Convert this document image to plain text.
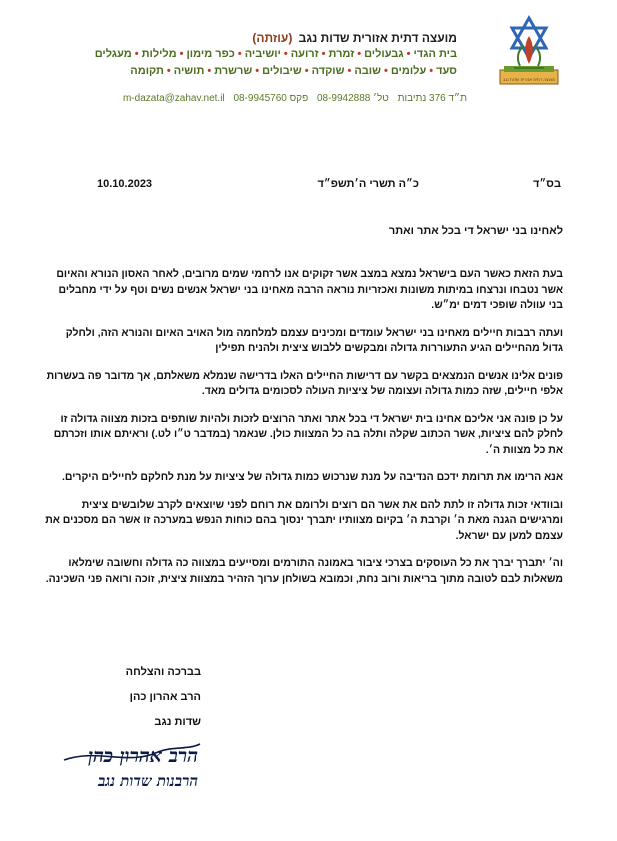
מועצה דתית אזורית שדות נגב
מועצה דתית אזורית שדות נגב (עוזתה)
בית הגדי•גבעולים•זמרת•זרועה•יושיביה•כפר מימון•מלילות•מעגלים
סעד•עלומים•שובה•שוקדה•שיבולים•שרשרת•תושיה•תקומה
ת״ד 376 נתיבות טל׳ 08-9942888 פקס 08-9945760 m-dazata@zahav.net.il
בס״ד
כ״ה תשרי ה׳תשפ״ד
10.10.2023
לאחינו בני ישראל די בכל אתר ואתר

בעת הזאת כאשר העם בישראל נמצא במצב אשר זקוקים אנו לרחמי שמים מרובים, לאחר האסון הנורא והאיום אשר נטבחו ונרצחו במיתות משונות ואכזריות נוראה הרבה מאחינו בני ישראל אנשים נשים וטף על ידי מחבלים בני עוולה שופכי דמים ימ״ש.

ועתה רבבות חיילים מאחינו בני ישראל עומדים ומכינים עצמם למלחמה מול האויב האיום והנורא הזה, ולחלק גדול מהחיילים הגיע התעוררות גדולה ומבקשים ללבוש ציצית ולהניח תפילין

פונים אלינו אנשים הנמצאים בקשר עם דרישות החיילים האלו בדרישה שנמלא משאלתם, אך מדובר פה בעשרות אלפי חיילים, שזה כמות גדולה ועצומה של ציציות העולה לסכומים גדולים מאד.

על כן פונה אני אליכם אחינו בית ישראל די בכל אתר ואתר הרוצים לזכות ולהיות שותפים בזכות מצווה גדולה זו לחלק להם ציציות, אשר הכתוב שקלה ותלה בה כל המצוות כולן. שנאמר (במדבר ט״ו לט.) וראיתם אותו וזכרתם את כל מצוות ה׳.

אנא הרימו את תרומת ידכם הנדיבה על מנת שנרכוש כמות גדולה של ציציות על מנת לחלקם לחיילים היקרים.

ובוודאי זכות גדולה זו לתת להם את אשר הם רוצים ולרומם את רוחם לפני שיוצאים לקרב שלובשים ציצית ומרגישים הגנה מאת ה׳ וקרבת ה׳ בקיום מצוותיו יתברך ינסוך בהם כוחות הנפש במערכה זו אשר הם מסכנים את עצמם למען עם ישראל.

וה׳ יתברך יברך את כל העוסקים בצרכי ציבור באמונה התורמים ומסייעים במצווה כה גדולה וחשובה שימלאו משאלות לבם לטובה מתוך בריאות ורוב נחת, וכמובא בשולחן ערוך הזהיר במצוות ציצית, זוכה ורואה פני השכינה.

בברכה והצלחה
הרב אהרון כהן
שדות נגב
הרב אהרון כהן
הרבנות שדות נגב
